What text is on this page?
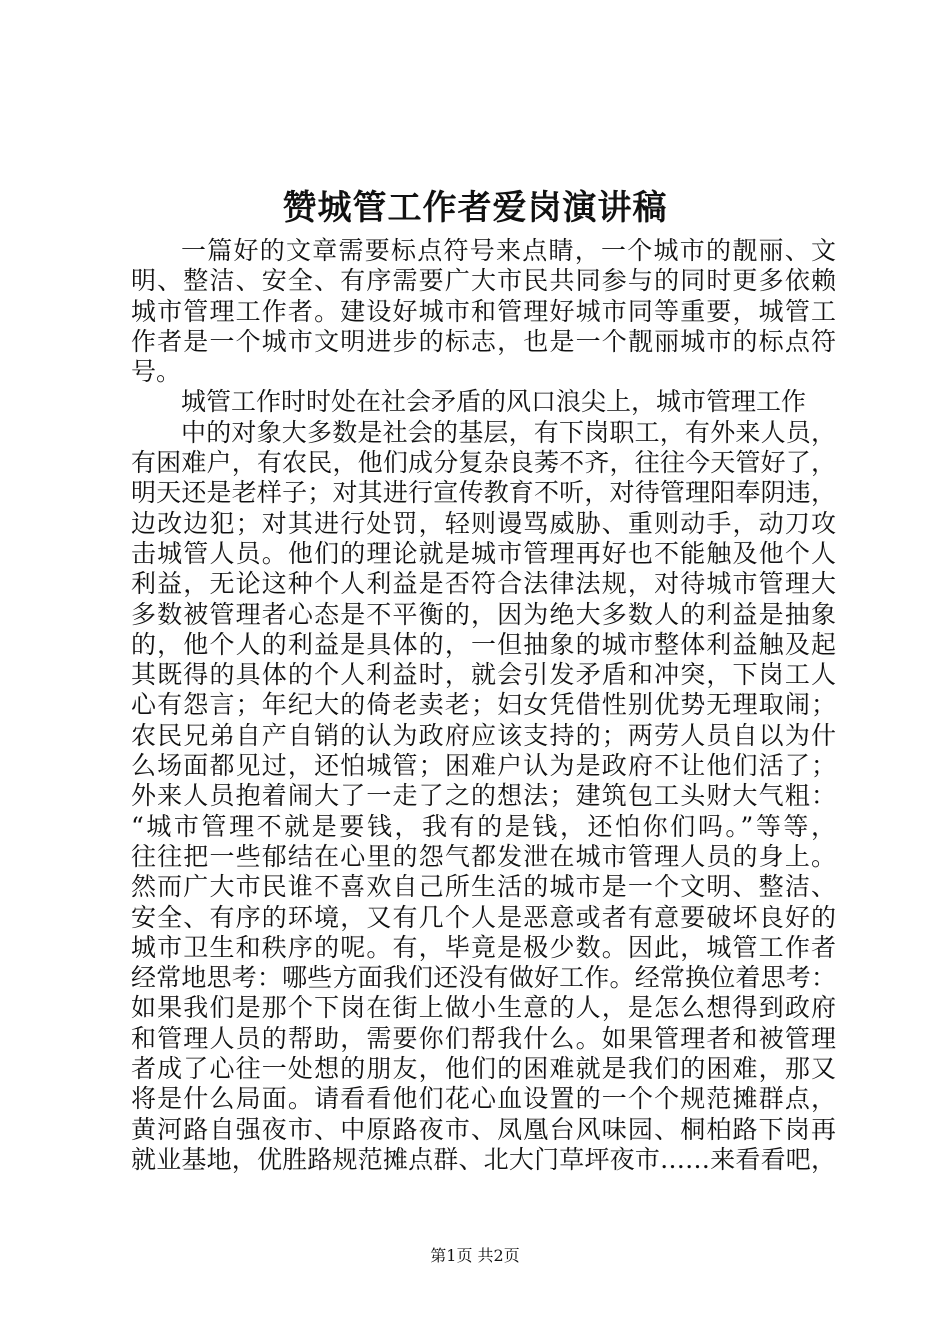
赞城管工作者爱岗演讲稿
一篇好的文章需要标点符号来点睛，一个城市的靓丽、文
明、整洁、安全、有序需要广大市民共同参与的同时更多依赖
城市管理工作者。建设好城市和管理好城市同等重要，城管工
作者是一个城市文明进步的标志，也是一个靓丽城市的标点符
号。
城管工作时时处在社会矛盾的风口浪尖上，城市管理工作
中的对象大多数是社会的基层，有下岗职工，有外来人员，
有困难户，有农民，他们成分复杂良莠不齐，往往今天管好了，
明天还是老样子；对其进行宣传教育不听，对待管理阳奉阴违，
边改边犯；对其进行处罚，轻则谩骂威胁、重则动手，动刀攻
击城管人员。他们的理论就是城市管理再好也不能触及他个人
利益，无论这种个人利益是否符合法律法规，对待城市管理大
多数被管理者心态是不平衡的，因为绝大多数人的利益是抽象
的，他个人的利益是具体的，一但抽象的城市整体利益触及起
其既得的具体的个人利益时，就会引发矛盾和冲突，下岗工人
心有怨言；年纪大的倚老卖老；妇女凭借性别优势无理取闹；
农民兄弟自产自销的认为政府应该支持的；两劳人员自以为什
么场面都见过，还怕城管；困难户认为是政府不让他们活了；
外来人员抱着闹大了一走了之的想法；建筑包工头财大气粗：
“城市管理不就是要钱，我有的是钱，还怕你们吗。”等等，
往往把一些郁结在心里的怨气都发泄在城市管理人员的身上。
然而广大市民谁不喜欢自己所生活的城市是一个文明、整洁、
安全、有序的环境，又有几个人是恶意或者有意要破坏良好的
城市卫生和秩序的呢。有，毕竟是极少数。因此，城管工作者
经常地思考：哪些方面我们还没有做好工作。经常换位着思考：
如果我们是那个下岗在街上做小生意的人，是怎么想得到政府
和管理人员的帮助，需要你们帮我什么。如果管理者和被管理
者成了心往一处想的朋友，他们的困难就是我们的困难，那又
将是什么局面。请看看他们花心血设置的一个个规范摊群点，
黄河路自强夜市、中原路夜市、凤凰台风味园、桐柏路下岗再
就业基地，优胜路规范摊点群、北大门草坪夜市……来看看吧，
第1页 共2页
